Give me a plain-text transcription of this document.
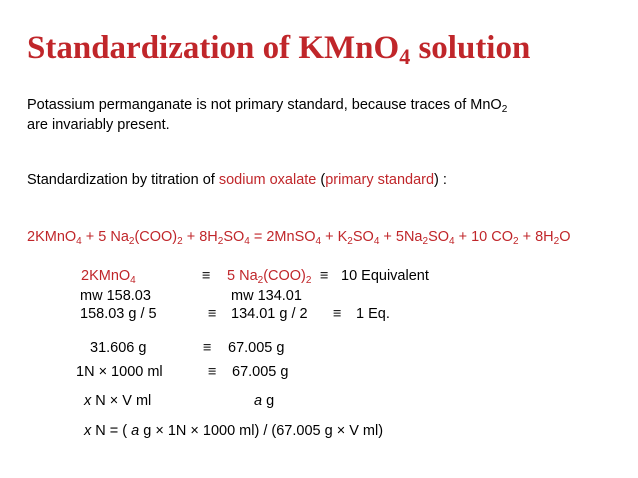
Standardization of KMnO$_4$ solution
Potassium permanganate is not primary standard, because traces of MnO$_2$
are invariably present.
Standardization by titration of sodium oxalate (primary standard) :
2KMnO$_4$ + 5 $Na_2(COO)_2 + 8H_2SO_4$ = 2MnSO$_4$ + $K_2SO_4 + 5Na_2SO_4 + 10$ $CO_2 + 8H_2O$
2KMnO$_4$	≡ 5 $Na_2(COO)_2 \equiv 10$ Equivalent
mw 158.03	mw 134.01
158.03 g / 5	≡ 134.01 g / 2 ≡ 1 Eq.
31.606 g	≡ 67.005 g
1N × 1000 ml	≡ 67.005 g
x N × V ml	a g
x N = ( a g × 1N × 1000 ml) / (67.005 g × V ml)
